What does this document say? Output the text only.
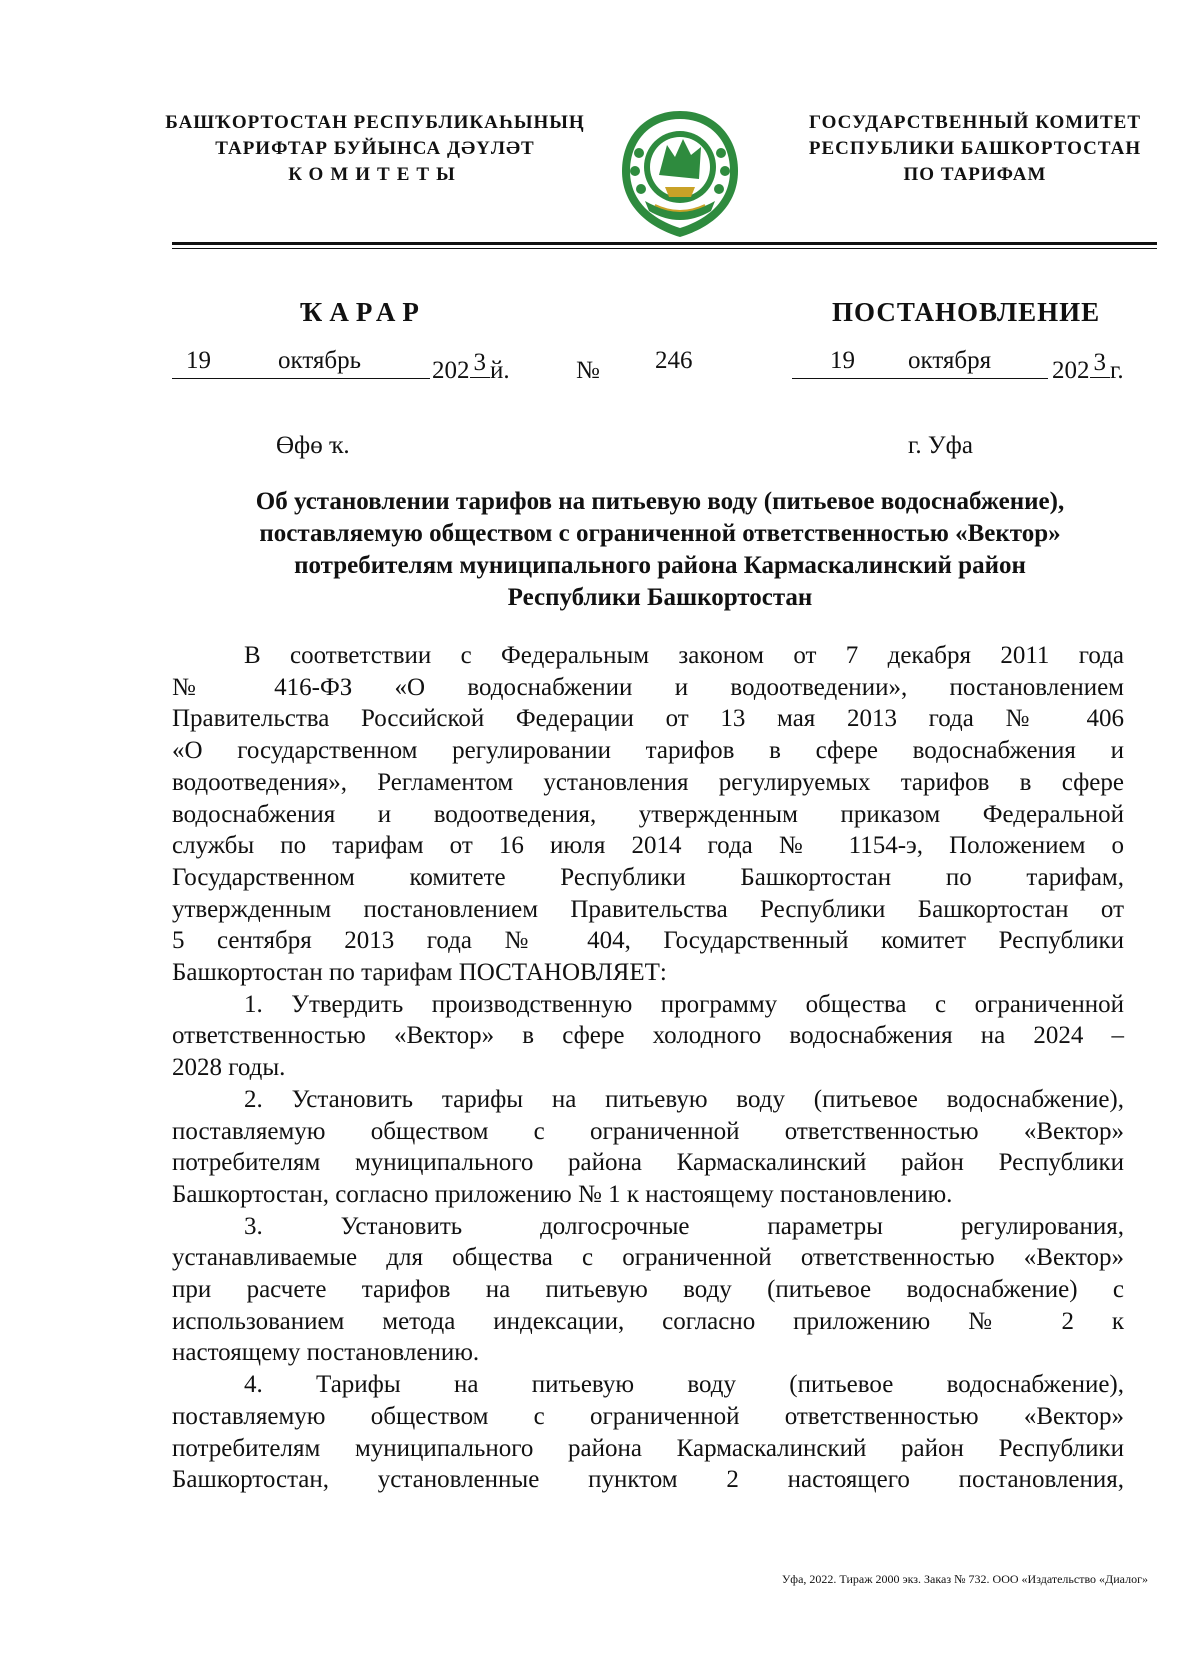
БАШҠОРТОСТАН РЕСПУБЛИКАҺЫНЫҢ
ТАРИФТАР БУЙЫНСА ДӘҮЛӘТ
КОМИТЕТЫ
ГОСУДАРСТВЕННЫЙ КОМИТЕТ
РЕСПУБЛИКИ БАШКОРТОСТАН
ПО ТАРИФАМ
ҠАРАР	ПОСТАНОВЛЕНИЕ
19	октябрь	202 3 й.	№ 246	19 октября 202 3 г.
Өфө ҡ.	г. Уфа
Об установлении тарифов на питьевую воду (питьевое водоснабжение),
поставляемую обществом с ограниченной ответственностью «Вектор»
потребителям муниципального района Кармаскалинский район
Республики Башкортостан
В соответствии с Федеральным законом от 7 декабря 2011 года
№ 416-ФЗ «О водоснабжении и водоотведении», постановлением
Правительства Российской Федерации от 13 мая 2013 года № 406
«О государственном регулировании тарифов в сфере водоснабжения и
водоотведения», Регламентом установления регулируемых тарифов в сфере
водоснабжения и водоотведения, утвержденным приказом Федеральной
службы по тарифам от 16 июля 2014 года № 1154-э, Положением о
Государственном комитете Республики Башкортостан по тарифам,
утвержденным постановлением Правительства Республики Башкортостан от
5 сентября 2013 года № 404, Государственный комитет Республики
Башкортостан по тарифам ПОСТАНОВЛЯЕТ:
1. Утвердить производственную программу общества с ограниченной
ответственностью «Вектор» в сфере холодного водоснабжения на 2024 –
2028 годы.
2. Установить тарифы на питьевую воду (питьевое водоснабжение),
поставляемую обществом с ограниченной ответственностью «Вектор»
потребителям муниципального района Кармаскалинский район Республики
Башкортостан, согласно приложению № 1 к настоящему постановлению.
3. Установить долгосрочные параметры регулирования,
устанавливаемые для общества с ограниченной ответственностью «Вектор»
при расчете тарифов на питьевую воду (питьевое водоснабжение) с
использованием метода индексации, согласно приложению № 2 к
настоящему постановлению.
4. Тарифы на питьевую воду (питьевое водоснабжение),
поставляемую обществом с ограниченной ответственностью «Вектор»
потребителям муниципального района Кармаскалинский район Республики
Башкортостан, установленные пунктом 2 настоящего постановления,
Уфа, 2022. Тираж 2000 экз. Заказ № 732. ООО «Издательство «Диалог»
